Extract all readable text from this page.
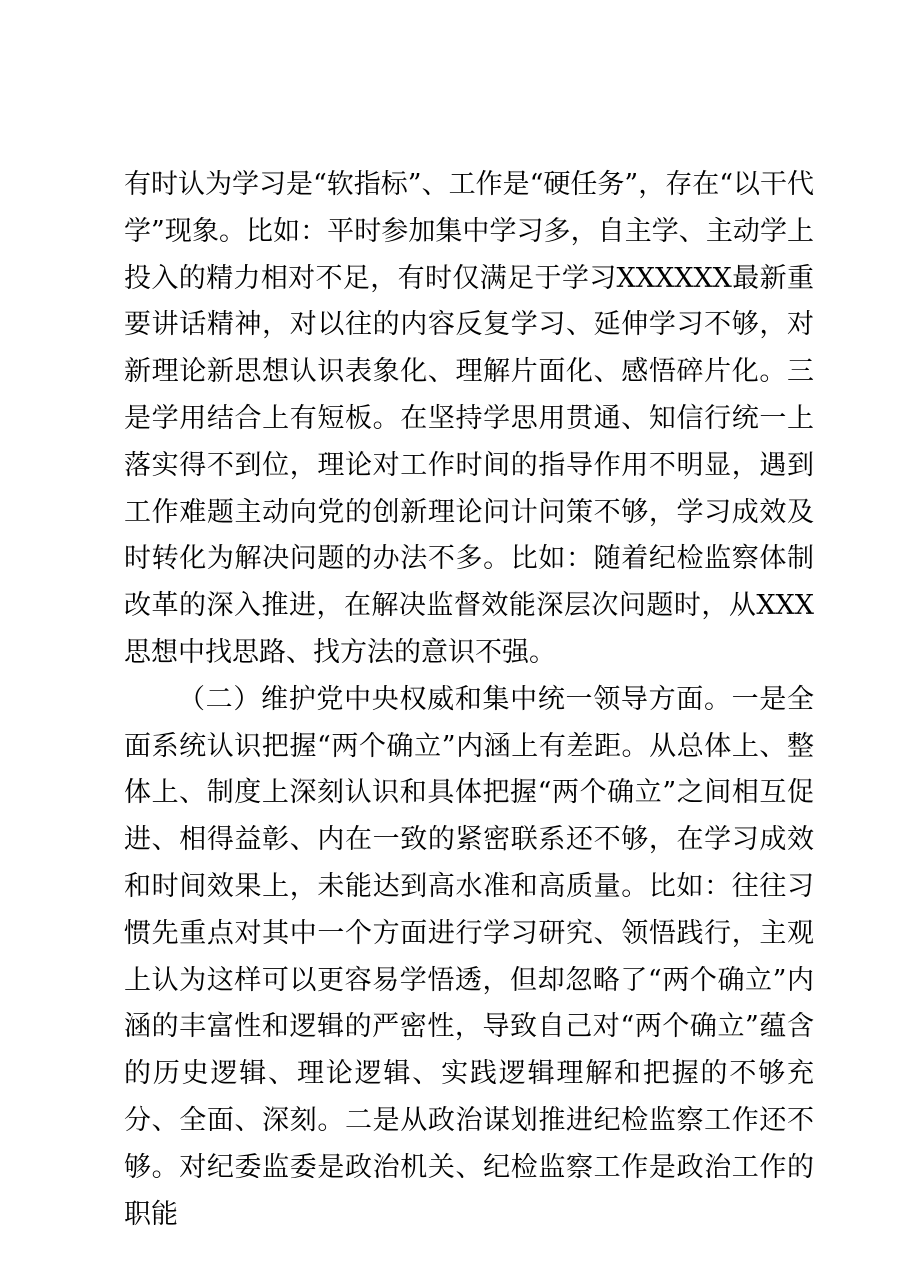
有时认为学习是“软指标”、工作是“硬任务”，存在“以干代学”现象。比如：平时参加集中学习多，自主学、主动学上投入的精力相对不足，有时仅满足于学习XXXXXX最新重要讲话精神，对以往的内容反复学习、延伸学习不够，对新理论新思想认识表象化、理解片面化、感悟碎片化。三是学用结合上有短板。在坚持学思用贯通、知信行统一上落实得不到位，理论对工作时间的指导作用不明显，遇到工作难题主动向党的创新理论问计问策不够，学习成效及时转化为解决问题的办法不多。比如：随着纪检监察体制改革的深入推进，在解决监督效能深层次问题时，从XXX思想中找思路、找方法的意识不强。

（二）维护党中央权威和集中统一领导方面。一是全面系统认识把握“两个确立”内涵上有差距。从总体上、整体上、制度上深刻认识和具体把握“两个确立”之间相互促进、相得益彰、内在一致的紧密联系还不够，在学习成效和时间效果上，未能达到高水准和高质量。比如：往往习惯先重点对其中一个方面进行学习研究、领悟践行，主观上认为这样可以更容易学悟透，但却忽略了“两个确立”内涵的丰富性和逻辑的严密性，导致自己对“两个确立”蕴含的历史逻辑、理论逻辑、实践逻辑理解和把握的不够充分、全面、深刻。二是从政治谋划推进纪检监察工作还不够。对纪委监委是政治机关、纪检监察工作是政治工作的职能
